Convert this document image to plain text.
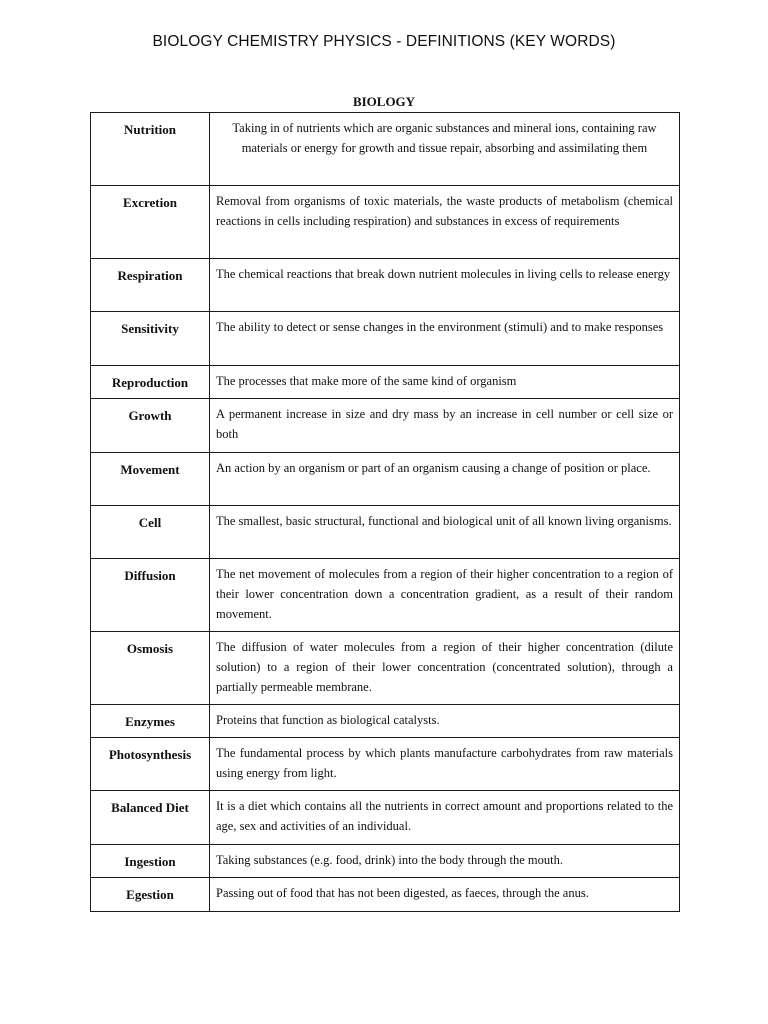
BIOLOGY CHEMISTRY PHYSICS - DEFINITIONS (KEY WORDS)
BIOLOGY
Nutrition	Taking in of nutrients which are organic substances and mineral ions, containing raw materials or energy for growth and tissue repair, absorbing and assimilating them
Excretion	Removal from organisms of toxic materials, the waste products of metabolism (chemical reactions in cells including respiration) and substances in excess of requirements
Respiration	The chemical reactions that break down nutrient molecules in living cells to release energy
Sensitivity	The ability to detect or sense changes in the environment (stimuli) and to make responses
Reproduction	The processes that make more of the same kind of organism
Growth	A permanent increase in size and dry mass by an increase in cell number or cell size or both
Movement	An action by an organism or part of an organism causing a change of position or place.
Cell	The smallest, basic structural, functional and biological unit of all known living organisms.
Diffusion	The net movement of molecules from a region of their higher concentration to a region of their lower concentration down a concentration gradient, as a result of their random movement.
Osmosis	The diffusion of water molecules from a region of their higher concentration (dilute solution) to a region of their lower concentration (concentrated solution), through a partially permeable membrane.
Enzymes	Proteins that function as biological catalysts.
Photosynthesis	The fundamental process by which plants manufacture carbohydrates from raw materials using energy from light.
Balanced Diet	It is a diet which contains all the nutrients in correct amount and proportions related to the age, sex and activities of an individual.
Ingestion	Taking substances (e.g. food, drink) into the body through the mouth.
Egestion	Passing out of food that has not been digested, as faeces, through the anus.
